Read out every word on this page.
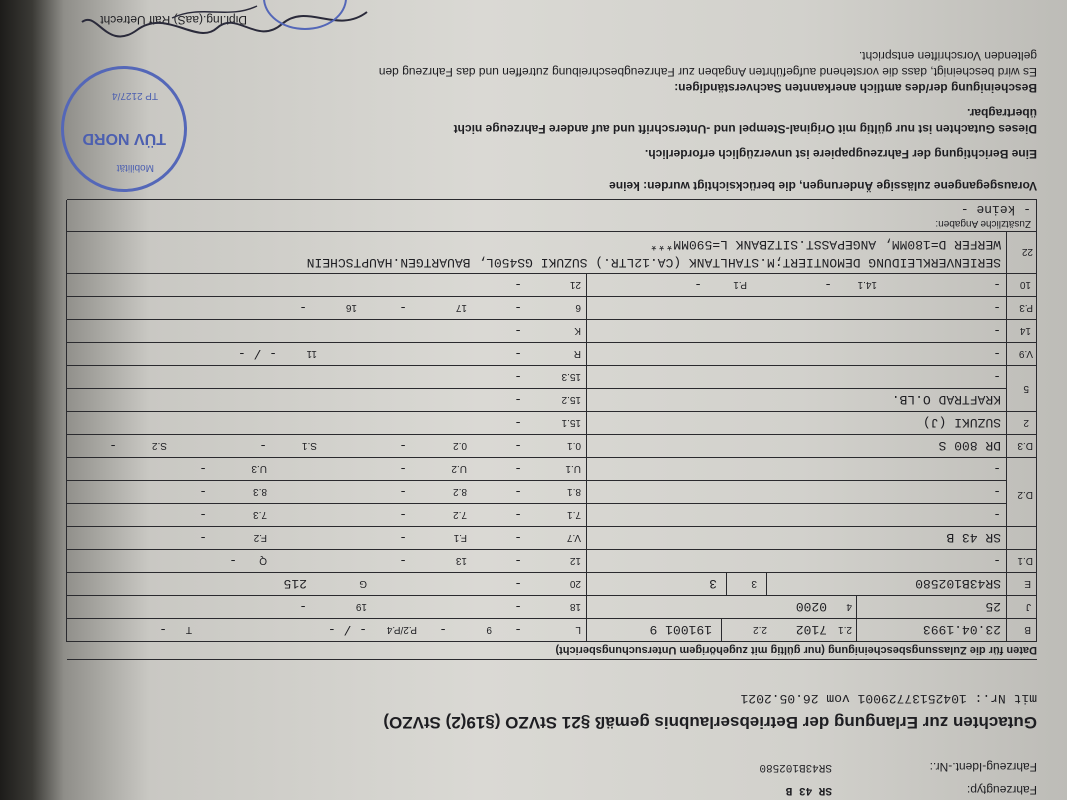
Fahrzeugtyp:
SR 43 B
Fahrzeug-Ident.-Nr.:
SR43B102580
Gutachten zur Erlangung der Betriebserlaubnis gemäß §21 StVZO (§19(2) StVZO)
mit Nr.: 10425137729001 vom 26.05.2021
Daten für die Zulassungsbescheinigung (nur gültig mit zugehörigem Untersuchungsbericht)
B
23.04.1993
2.1
7102
2.2
191001 9
L
-
9
-
P.2/P.4
- / -
T
-
J
25
4
0200
18
-
19
-
E
SR43B102580
3
3
20
-
G
215
D.1
-
12
-
13
-
Q
-
SR 43 B
V.7
-
F.1
-
F.2
-
D.2
-
7.1
-
7.2
-
7.3
-
-
8.1
-
8.2
-
8.3
-
-
U.1
-
U.2
-
U.3
-
D.3
DR 800 S
0.1
-
0.2
-
S.1
-
S.2
-
2
SUZUKI (J)
15.1
-
5
KRAFTRAD O.LB.
15.2
-
-
15.3
-
V.9
-
R
-
11
- / -
14
-
K
-
P.3
-
6
-
17
-
16
-
10
-
14.1
-
P.1
-
21
-
22
SERIENVERKLEIDUNG DEMONTIERT;M.STAHLTANK (CA.12LTR.) SUZUKI GS450L, BAUARTGEN.HAUPTSCHEIN
WERFER D=180MM, ANGEPASST.SITZBANK L=590MM***
Zusätzliche Angaben:
- keine -
Vorausgegangene zulässige Änderungen, die berücksichtigt wurden: keine
Eine Berichtigung der Fahrzeugpapiere ist unverzüglich erforderlich.
Dieses Gutachten ist nur gültig mit Original-Stempel und -Unterschrift und auf andere Fahrzeuge nicht
übertragbar.
Bescheinigung der/des amtlich anerkannten Sachverständigen:
Es wird bescheinigt, dass die vorstehend aufgeführten Angaben zur Fahrzeugbeschreibung zutreffen und das Fahrzeug den
geltenden Vorschriften entspricht.
Dipl.Ing.(aaS) Ralf Uetrecht
TÜV NORD
Mobilität
TP 2127/4
